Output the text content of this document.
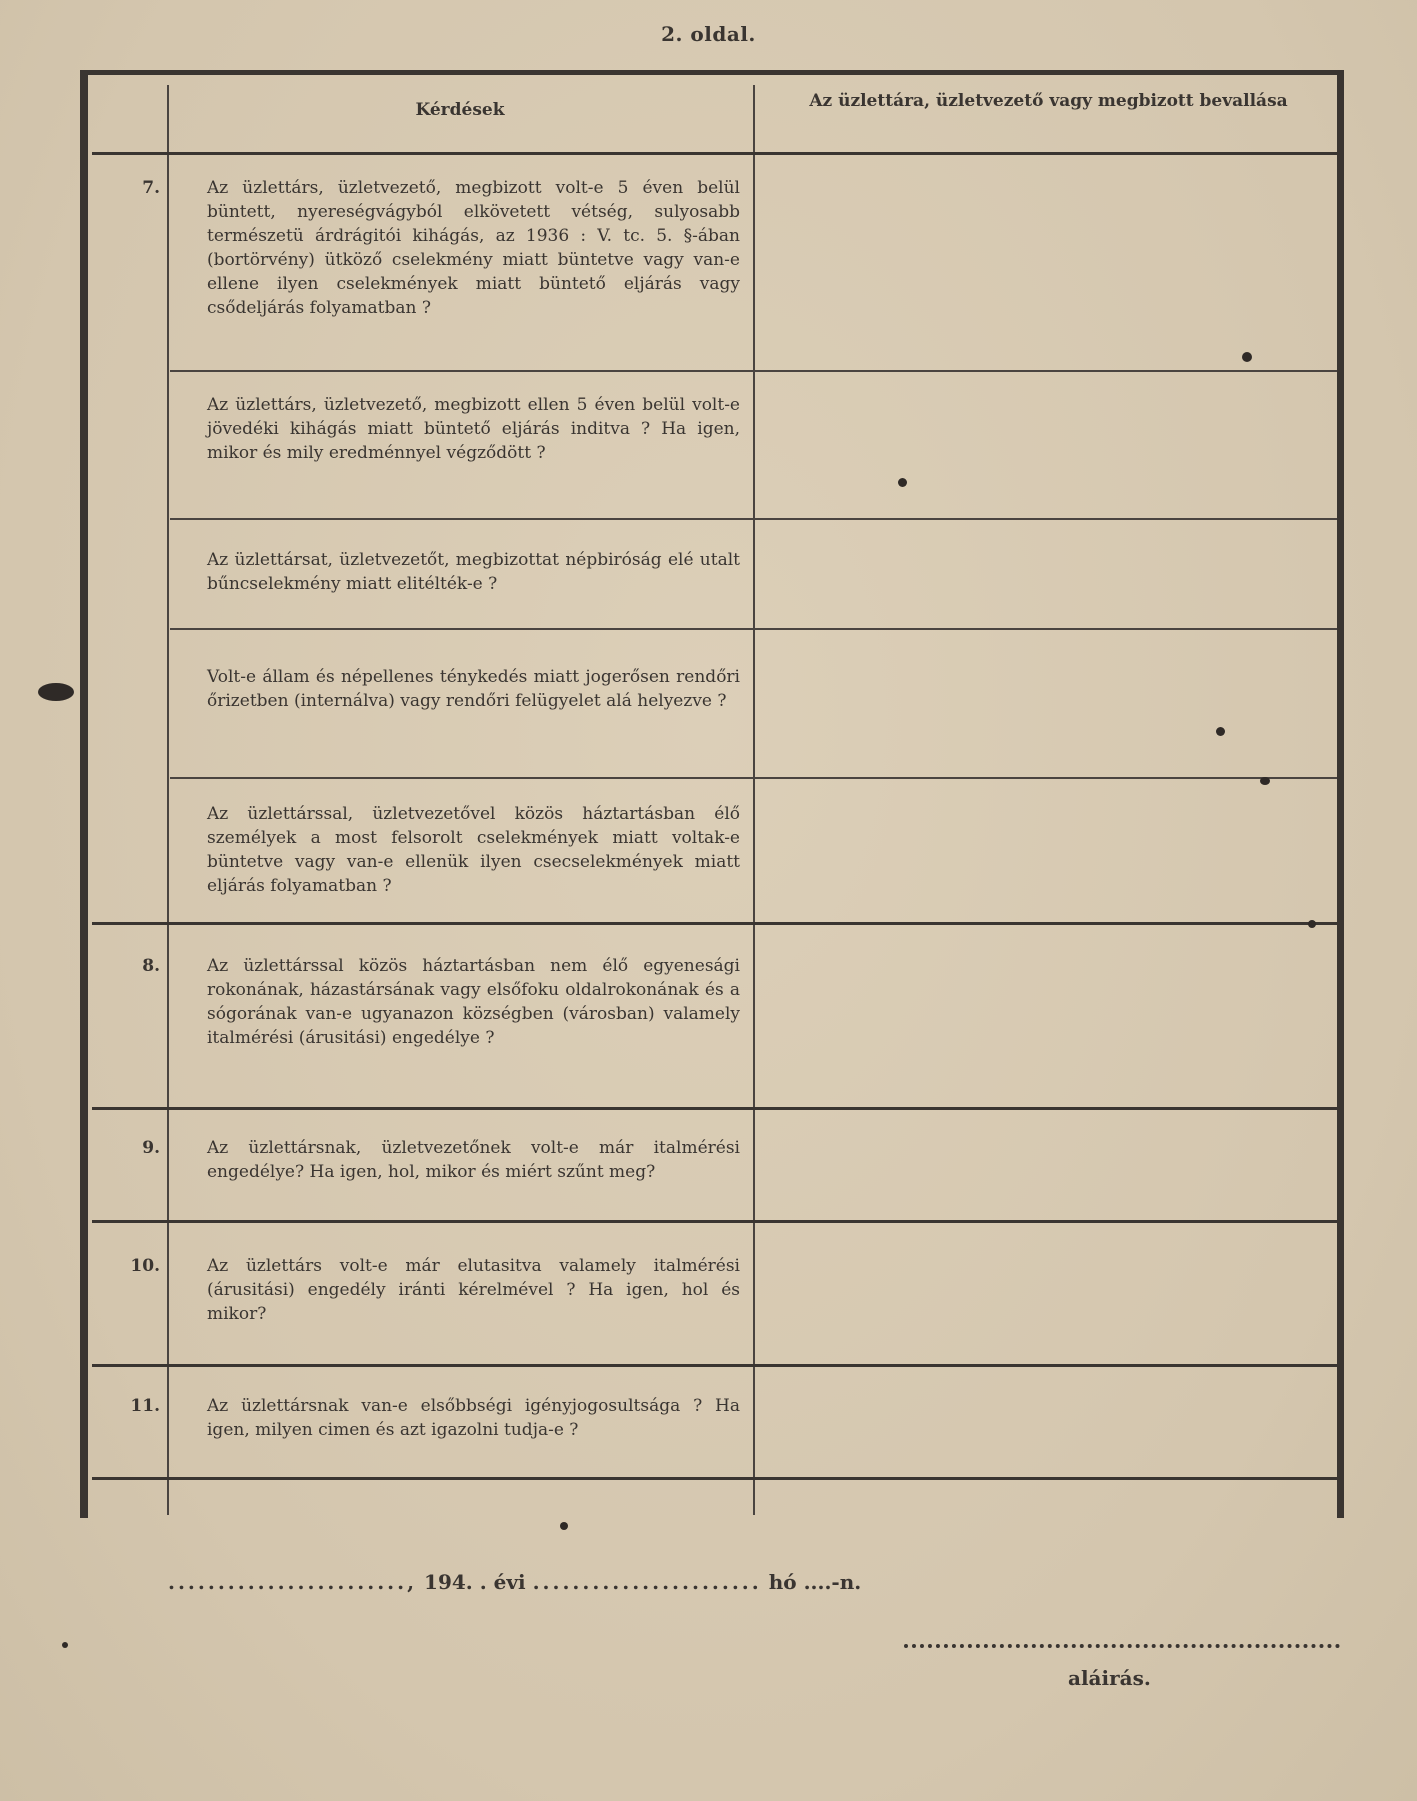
2. oldal.
Kérdések	Az üzlettára, üzletvezető vagy megbizott bevallása
7.	Az üzlettárs, üzletvezető, megbizott volt-e 5 éven belül büntett, nyereségvágyból elkövetett vétség, sulyosabb természetü árdrágitói kihágás, az 1936 : V. tc. 5. §-ában (bortörvény) ütköző cselekmény miatt büntetve vagy van-e ellene ilyen cselekmények miatt büntető eljárás vagy csődeljárás folyamatban ?
Az üzlettárs, üzletvezető, megbizott ellen 5 éven belül volt-e jövedéki kihágás miatt büntető eljárás inditva ? Ha igen, mikor és mily eredménnyel végződött ?
Az üzlettársat, üzletvezetőt, megbizottat népbiróság elé utalt bűncselekmény miatt elitélték-e ?
Volt-e állam és népellenes ténykedés miatt jogerősen rendőri őrizetben (internálva) vagy rendőri felügyelet alá helyezve ?
Az üzlettárssal, üzletvezetővel közös háztartásban élő személyek a most felsorolt cselekmények miatt voltak-e büntetve vagy van-e ellenük ilyen csecselekmények miatt eljárás folyamatban ?
8.	Az üzlettárssal közös háztartásban nem élő egyenesági rokonának, házastársának vagy elsőfoku oldalrokonának és a sógorának van-e ugyanazon községben (városban) valamely italmérési (árusitási) engedélye ?
9.	Az üzlettársnak, üzletvezetőnek volt-e már italmérési engedélye? Ha igen, hol, mikor és miért szűnt meg?
10.	Az üzlettárs volt-e már elutasitva valamely italmérési (árusitási) engedély iránti kérelmével ? Ha igen, hol és mikor?
11.	Az üzlettársnak van-e elsőbbségi igényjogosultsága ? Ha igen, milyen cimen és azt igazolni tudja-e ?
........................, 194. . évi ....................... hó ....-n.
aláirás.
